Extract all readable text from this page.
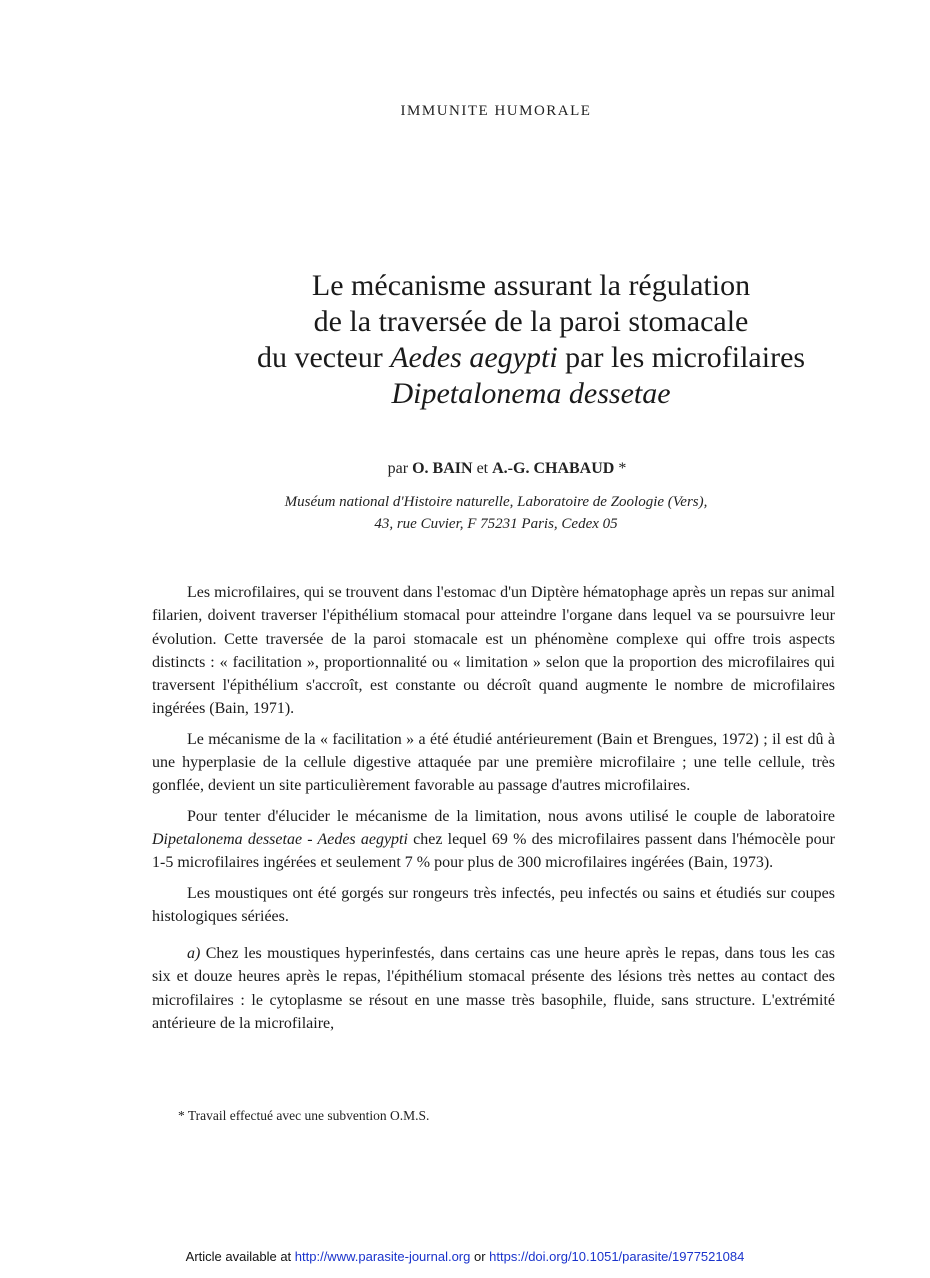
IMMUNITE HUMORALE
Le mécanisme assurant la régulation
de la traversée de la paroi stomacale
du vecteur Aedes aegypti par les microfilaires
Dipetalonema dessetae
par O. BAIN et A.-G. CHABAUD *
Muséum national d'Histoire naturelle, Laboratoire de Zoologie (Vers),
43, rue Cuvier, F 75231 Paris, Cedex 05

Les microfilaires, qui se trouvent dans l'estomac d'un Diptère hématophage après un repas sur animal filarien, doivent traverser l'épithélium stomacal pour atteindre l'organe dans lequel va se poursuivre leur évolution. Cette traversée de la paroi stomacale est un phénomène complexe qui offre trois aspects distincts : « facilitation », proportionnalité ou « limitation » selon que la proportion des microfilaires qui traversent l'épithélium s'accroît, est constante ou décroît quand augmente le nombre de microfilaires ingérées (Bain, 1971).

Le mécanisme de la « facilitation » a été étudié antérieurement (Bain et Brengues, 1972) ; il est dû à une hyperplasie de la cellule digestive attaquée par une première microfilaire ; une telle cellule, très gonflée, devient un site particulièrement favorable au passage d'autres microfilaires.

Pour tenter d'élucider le mécanisme de la limitation, nous avons utilisé le couple de laboratoire Dipetalonema dessetae - Aedes aegypti chez lequel 69 % des microfilaires passent dans l'hémocèle pour 1-5 microfilaires ingérées et seulement 7 % pour plus de 300 microfilaires ingérées (Bain, 1973).

Les moustiques ont été gorgés sur rongeurs très infectés, peu infectés ou sains et étudiés sur coupes histologiques sériées.

a) Chez les moustiques hyperinfestés, dans certains cas une heure après le repas, dans tous les cas six et douze heures après le repas, l'épithélium stomacal présente des lésions très nettes au contact des microfilaires : le cytoplasme se résout en une masse très basophile, fluide, sans structure. L'extrémité antérieure de la microfilaire,

* Travail effectué avec une subvention O.M.S.
Article available at http://www.parasite-journal.org or https://doi.org/10.1051/parasite/1977521084
